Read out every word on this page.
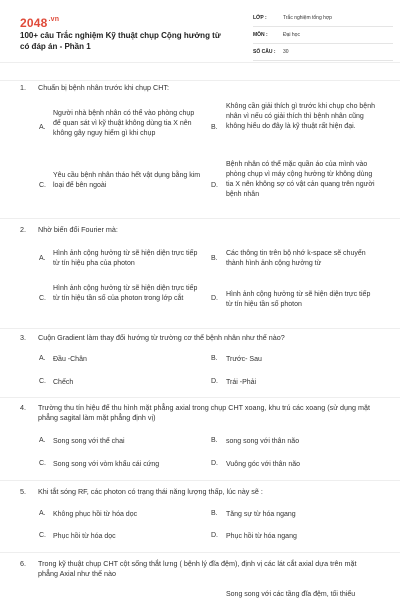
$2048^{.vn}$
100+ câu Trắc nghiệm Kỹ thuật chụp Cộng hưởng từ có đáp án - Phần 1
LỚP :	Trắc nghiệm tổng hợp
MÔN :	Đại học
SỐ CÂU : 30
1. Chuẩn bị bệnh nhân trước khi chụp CHT:
A.
Người nhà bệnh nhân có thể vào phòng chụp để quan sát vì kỹ thuật không dùng tia X nên không gây nguy hiểm gì khi chụp
B.
Không cần giải thích gì trước khi chụp cho bệnh nhân vì nếu có giải thích thì bệnh nhân cũng không hiểu do đây là kỹ thuật rất hiện đại.
C.
Yêu cầu bệnh nhân tháo hết vật dụng bằng kim loại để bên ngoài	D.
Bệnh nhân có thể mặc quần áo của mình vào phòng chụp vì máy cộng hưởng từ không dùng tia X nên không sợ có vật cản quang trên người bệnh nhân
2. Nhờ biến đổi Fourier mà:
A.
Hình ảnh cộng hưởng từ sẽ hiện diện trực tiếp từ tín hiệu pha của photon
B.
Các thông tin trên bộ nhớ k-space sẽ chuyển thành hình ảnh cộng hưởng từ
C.
Hình ảnh cộng hưởng từ sẽ hiện diện trực tiếp từ tín hiệu tần số của photon trong lớp cắt	D.
Hình ảnh cộng hưởng từ sẽ hiện diện trực tiếp từ tín hiệu tần số photon
3. Cuộn Gradient làm thay đổi hướng từ trường cơ thể bệnh nhân như thế nào?
A. Đầu -Chân	B. Trước- Sau
C. Chếch	D. Trái -Phải
4. Trường thu tín hiệu để thu hình mặt phẳng axial trong chụp CHT xoang, khu trú các xoang (sử dụng mặt phẳng sagital làm mặt phẳng định vị)
A. Song song với thể chai	B. song song với thân não
C. Song song với vòm khẩu cái cứng	D. Vuông góc với thân não
5. Khi tắt sóng RF, các photon có trạng thái năng lượng thấp, lúc này sẽ :
A. Không phục hồi từ hóa dọc	B. Tăng sự từ hóa ngang
C. Phục hồi từ hóa dọc	D. Phục hồi từ hóa ngang
6. Trong kỹ thuật chụp CHT cột sống thắt lưng ( bệnh lý đĩa đệm), định vị các lát cắt axial dựa trên mặt phẳng Axial như thế nào
Song song với các tầng đĩa đệm, tối thiểu
